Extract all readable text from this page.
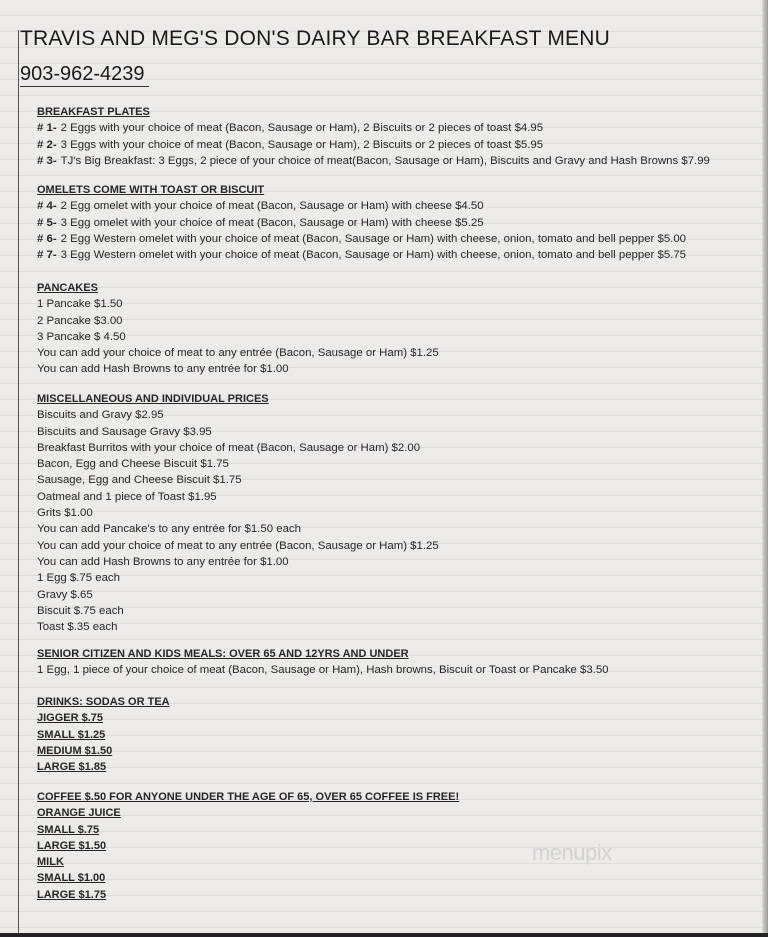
TRAVIS AND MEG'S DON'S DAIRY BAR BREAKFAST MENU
903-962-4239
BREAKFAST PLATES
# 1- 2 Eggs with your choice of meat (Bacon, Sausage or Ham), 2 Biscuits or 2 pieces of toast $4.95
# 2- 3 Eggs with your choice of meat (Bacon, Sausage or Ham), 2 Biscuits or 2 pieces of toast $5.95
# 3- TJ's Big Breakfast: 3 Eggs, 2 piece of your choice of meat(Bacon, Sausage or Ham), Biscuits and Gravy and Hash Browns $7.99
OMELETS COME WITH TOAST OR BISCUIT
# 4- 2 Egg omelet with your choice of meat (Bacon, Sausage or Ham) with cheese $4.50
# 5- 3 Egg omelet with your choice of meat (Bacon, Sausage or Ham) with cheese $5.25
# 6- 2 Egg Western omelet with your choice of meat (Bacon, Sausage or Ham) with cheese, onion, tomato and bell pepper $5.00
# 7- 3 Egg Western omelet with your choice of meat (Bacon, Sausage or Ham) with cheese, onion, tomato and bell pepper $5.75
PANCAKES
1 Pancake $1.50
2 Pancake $3.00
3 Pancake $ 4.50
You can add your choice of meat to any entrée (Bacon, Sausage or Ham) $1.25
You can add Hash Browns to any entrée for $1.00
MISCELLANEOUS AND INDIVIDUAL PRICES
Biscuits and Gravy $2.95
Biscuits and Sausage Gravy $3.95
Breakfast Burritos with your choice of meat (Bacon, Sausage or Ham) $2.00
Bacon, Egg and Cheese Biscuit $1.75
Sausage, Egg and Cheese Biscuit $1.75
Oatmeal and 1 piece of Toast $1.95
Grits $1.00
You can add Pancake's to any entrée for $1.50 each
You can add your choice of meat to any entrée (Bacon, Sausage or Ham) $1.25
You can add Hash Browns to any entrée for $1.00
1 Egg $.75 each
Gravy $.65
Biscuit $.75 each
Toast $.35 each
SENIOR CITIZEN AND KIDS MEALS: OVER 65 AND 12YRS AND UNDER
1 Egg, 1 piece of your choice of meat (Bacon, Sausage or Ham), Hash browns, Biscuit or Toast or Pancake $3.50
DRINKS: SODAS OR TEA
JIGGER $.75
SMALL $1.25
MEDIUM $1.50
LARGE $1.85
COFFEE $.50 FOR ANYONE UNDER THE AGE OF 65, OVER 65 COFFEE IS FREE!
ORANGE JUICE
SMALL $.75
LARGE $1.50
MILK
SMALL $1.00
LARGE $1.75
menupix
